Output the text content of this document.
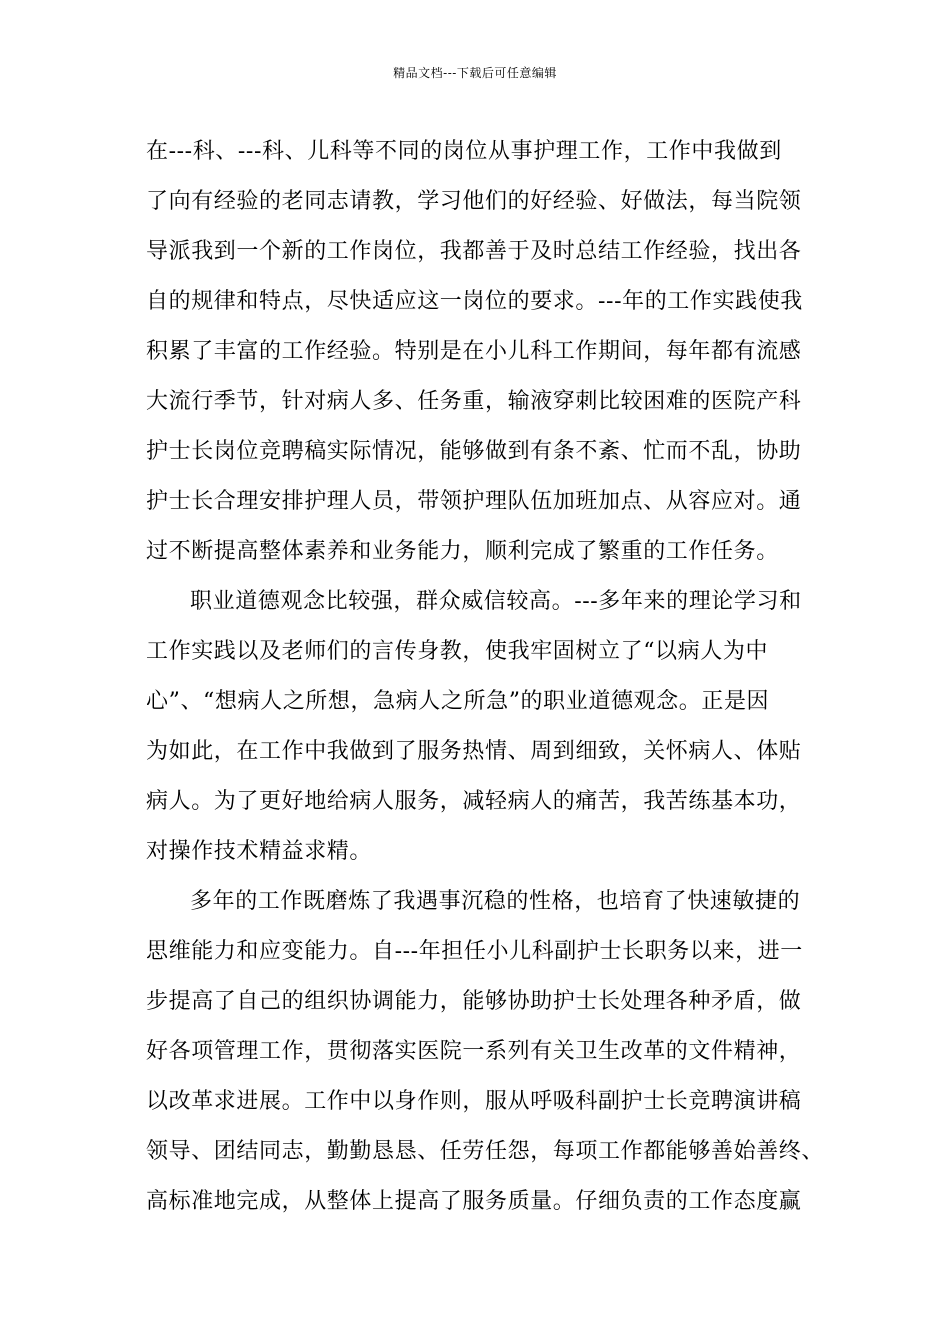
精品文档---下载后可任意编辑
在---科、---科、儿科等不同的岗位从事护理工作，工作中我做到
了向有经验的老同志请教，学习他们的好经验、好做法，每当院领
导派我到一个新的工作岗位，我都善于及时总结工作经验，找出各
自的规律和特点，尽快适应这一岗位的要求。---年的工作实践使我
积累了丰富的工作经验。特别是在小儿科工作期间，每年都有流感
大流行季节，针对病人多、任务重，输液穿刺比较困难的医院产科
护士长岗位竞聘稿实际情况，能够做到有条不紊、忙而不乱，协助
护士长合理安排护理人员，带领护理队伍加班加点、从容应对。通
过不断提高整体素养和业务能力，顺利完成了繁重的工作任务。
职业道德观念比较强，群众威信较高。---多年来的理论学习和
工作实践以及老师们的言传身教，使我牢固树立了“以病人为中
心”、“想病人之所想，急病人之所急”的职业道德观念。正是因
为如此，在工作中我做到了服务热情、周到细致，关怀病人、体贴
病人。为了更好地给病人服务，减轻病人的痛苦，我苦练基本功，
对操作技术精益求精。
多年的工作既磨炼了我遇事沉稳的性格，也培育了快速敏捷的
思维能力和应变能力。自---年担任小儿科副护士长职务以来，进一
步提高了自己的组织协调能力，能够协助护士长处理各种矛盾，做
好各项管理工作，贯彻落实医院一系列有关卫生改革的文件精神，
以改革求进展。工作中以身作则，服从呼吸科副护士长竞聘演讲稿
领导、团结同志，勤勤恳恳、任劳任怨，每项工作都能够善始善终、
高标准地完成，从整体上提高了服务质量。仔细负责的工作态度赢
